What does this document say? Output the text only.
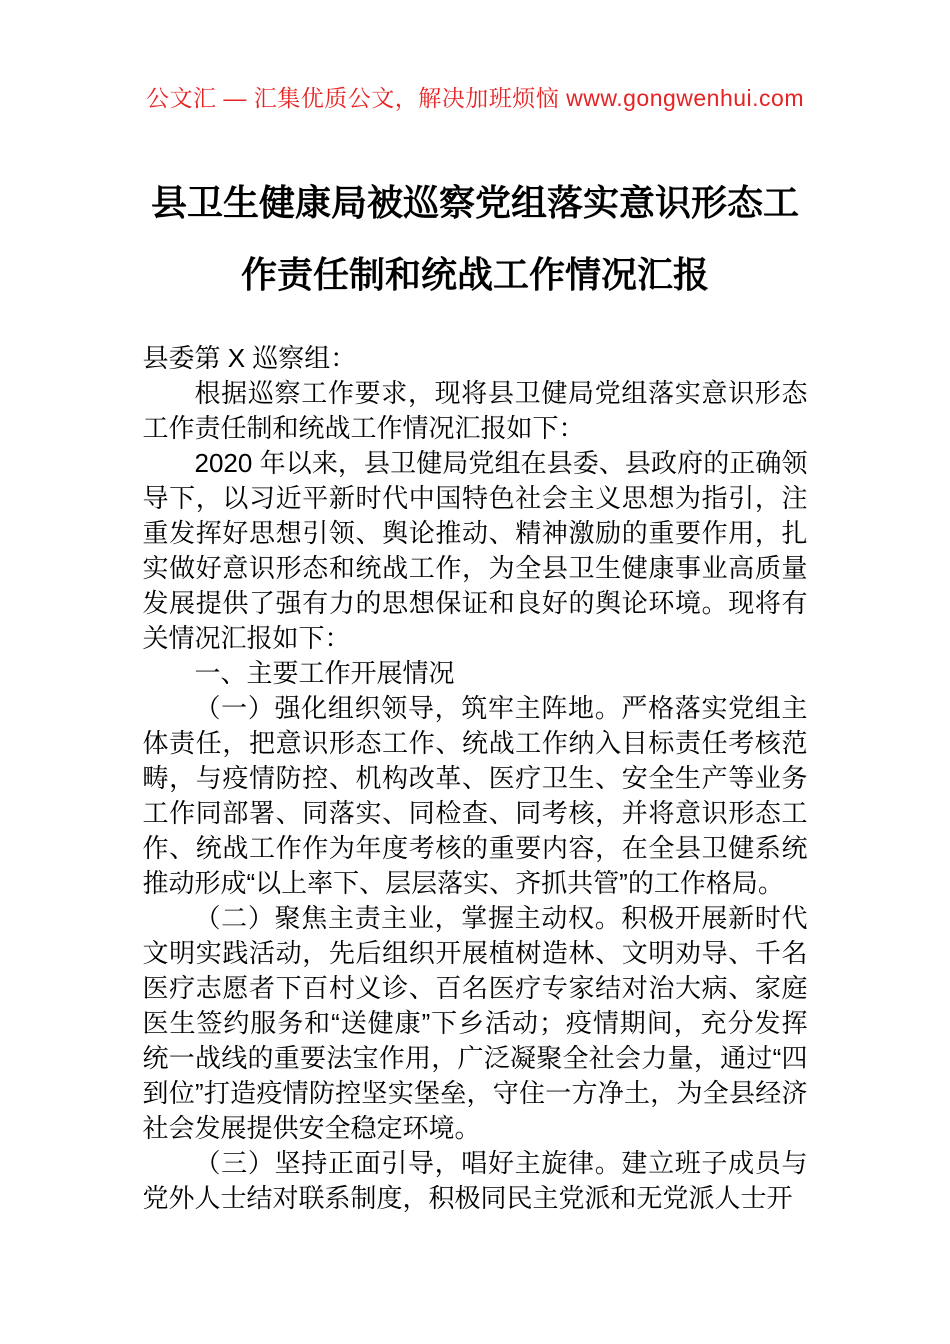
公文汇 — 汇集优质公文，解决加班烦恼 www.gongwenhui.com
县卫生健康局被巡察党组落实意识形态工
作责任制和统战工作情况汇报

县委第 X 巡察组：

根据巡察工作要求，现将县卫健局党组落实意识形态工作责任制和统战工作情况汇报如下：

2020 年以来，县卫健局党组在县委、县政府的正确领导下，以习近平新时代中国特色社会主义思想为指引，注重发挥好思想引领、舆论推动、精神激励的重要作用，扎实做好意识形态和统战工作，为全县卫生健康事业高质量发展提供了强有力的思想保证和良好的舆论环境。现将有关情况汇报如下：

一、主要工作开展情况

（一）强化组织领导，筑牢主阵地。严格落实党组主体责任，把意识形态工作、统战工作纳入目标责任考核范畴，与疫情防控、机构改革、医疗卫生、安全生产等业务工作同部署、同落实、同检查、同考核，并将意识形态工作、统战工作作为年度考核的重要内容，在全县卫健系统推动形成“以上率下、层层落实、齐抓共管”的工作格局。

（二）聚焦主责主业，掌握主动权。积极开展新时代文明实践活动，先后组织开展植树造林、文明劝导、千名医疗志愿者下百村义诊、百名医疗专家结对治大病、家庭医生签约服务和“送健康”下乡活动；疫情期间，充分发挥统一战线的重要法宝作用，广泛凝聚全社会力量，通过“四到位”打造疫情防控坚实堡垒，守住一方净土，为全县经济社会发展提供安全稳定环境。

（三）坚持正面引导，唱好主旋律。建立班子成员与党外人士结对联系制度，积极同民主党派和无党派人士开
